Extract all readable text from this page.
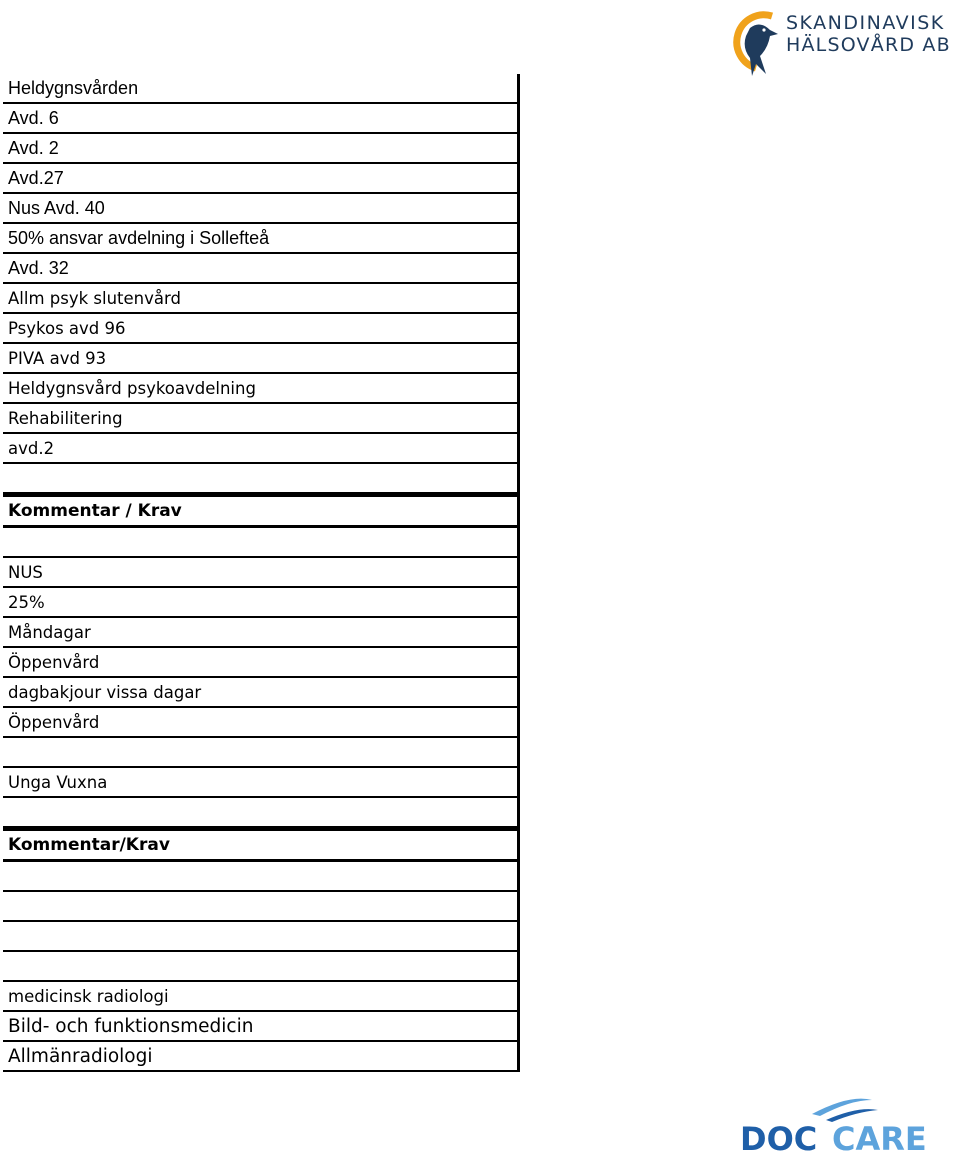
SKANDINAVISK
HÄLSOVÅRD AB
Heldygnsvården
Avd. 6
Avd. 2
Avd.27
Nus Avd. 40
50% ansvar avdelning i Sollefteå
Avd. 32
Allm psyk slutenvård
Psykos avd 96
PIVA avd 93
Heldygnsvård psykoavdelning
Rehabilitering
avd.2
Kommentar / Krav
NUS
25%
Måndagar
Öppenvård
dagbakjour vissa dagar
Öppenvård
Unga Vuxna
Kommentar/Krav
medicinsk radiologi
Bild- och funktionsmedicin
Allmänradiologi
DOC CARE
